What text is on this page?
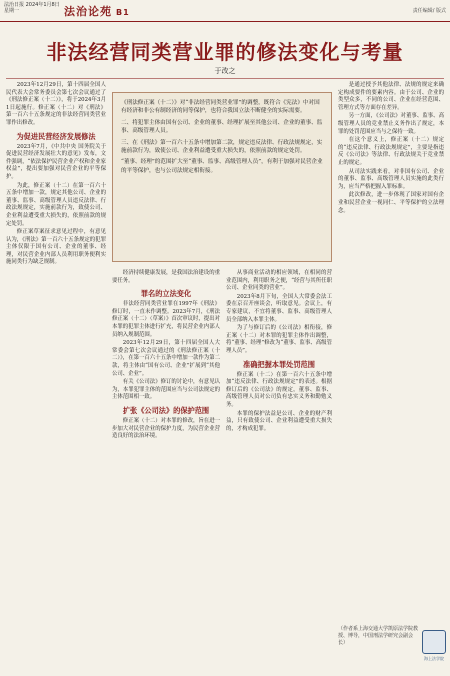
法治日报 2024年1月8日 星期一	法治论苑 B1	责任编辑/ 版式
非法经营同类营业罪的修法变化与考量
于改之

2023年12月29日，第十四届全国人民代表大会常务委员会第七次会议通过了《刑法修正案（十二）》，将于2024年3月1日起施行。修正案（十二）对《刑法》第一百六十五条规定的非法经营同类营业罪作出修改。

为促进民营经济发展修法

2023年7月，《中共中央 国务院关于促进民营经济发展壮大的意见》发布，文件强调，“依法保护民营企业产权和企业家权益”，提出要加强对民营企业的平等保护。

为此，修正案（十二）在第一百六十五条中增加一款，规定其他公司、企业的董事、监事、高级管理人员违反法律、行政法规规定，实施前款行为，致使公司、企业利益遭受重大损失的，依照前款的规定处罚。

修正案草案征求意见过程中，有意见认为，《刑法》第一百六十五条规定的犯罪主体仅限于国有公司、企业的董事、经理，对民营企业内部人员利用职务便利实施同类行为缺乏规制。

《刑法修正案（十二）》对“非法经营同类营业罪”的调整，既符合《宪法》中对国有经济和非公有制经济的同等保护，也符合我国立法不断健全的实际需要。

二、将犯罪主体由国有公司、企业的董事、经理扩展至其他公司、企业的董事、监事、高级管理人员。

三、在《刑法》第一百六十五条中增加第二款，规定违反法律、行政法规规定，实施前款行为，致使公司、企业利益遭受重大损失的，依照前款的规定处罚。

“董事、经理”的范围扩大至“董事、监事、高级管理人员”，有利于加强对民营企业的平等保护，也与公司法规定相衔接。

经济持续健康发展，是我国法治建设的重要任务。

罪名的立法变化

非法经营同类营业罪在1997年《刑法》修订时，一直未作调整。2023年7月，《刑法修正案（十二）（草案）》首次审议时，提出对本罪的犯罪主体进行扩充，将民营企业内部人员纳入规制范围。

2023年12月29日，第十四届全国人大常委会第七次会议通过的《刑法修正案（十二）》，在第一百六十五条中增加一款作为第二款，将主体由“国有公司、企业”扩展到“其他公司、企业”。

有关《公司法》修订的讨论中，有意见认为，本罪犯罪主体的范围应当与公司法规定的主体范围相一致。

扩张《公司法》的保护范围

修正案（十二）对本罪的修改，旨在进一步加大对民营企业的保护力度，为民营企业营造良好的法治环境。

从事商业活动的相应领域，在相同的营业范围内，利用职务之便，“经营与其所任职公司、企业同类的营业”。

2023年8月下旬，全国人大常委会法工委在京召开座谈会，听取意见。会议上，有专家建议，不宜将董事、监事、高级管理人员全部纳入本罪主体。

为了与修订后的《公司法》相衔接，修正案（十二）对本罪的犯罪主体作出调整，将“董事、经理”修改为“董事、监事、高级管理人员”。

准确把握本罪处罚范围

修正案（十二）在第一百六十五条中增加“违反法律、行政法规规定”的表述。根据修订后的《公司法》的规定，董事、监事、高级管理人员对公司负有忠实义务和勤勉义务。

本罪的保护法益是公司、企业的财产利益，只有致使公司、企业利益遭受重大损失的，才构成犯罪。

是通过授予其他法律、法规的规定来确定构成要件的要素内容。由于公司、企业的类型众多，不同的公司、企业在经营范围、管理方式等方面存在差异。

另一方面，《公司法》对董事、监事、高级管理人员的竞业禁止义务作出了规定，本罪的处罚范围应当与之保持一致。

在这个意义上，修正案（十二）规定的“违反法律、行政法规规定”，主要是指违反《公司法》等法律、行政法规关于竞业禁止的规定。

从司法实践来看，对非国有公司、企业的董事、监事、高级管理人员实施的此类行为，应当严格把握入罪标准。

此次修改，进一步体现了国家对国有企业和民营企业一视同仁、平等保护的立法理念。

（作者系上海交通大学凯原法学院教授、博导，中国刑法学研究会副会长）
海上法学院
